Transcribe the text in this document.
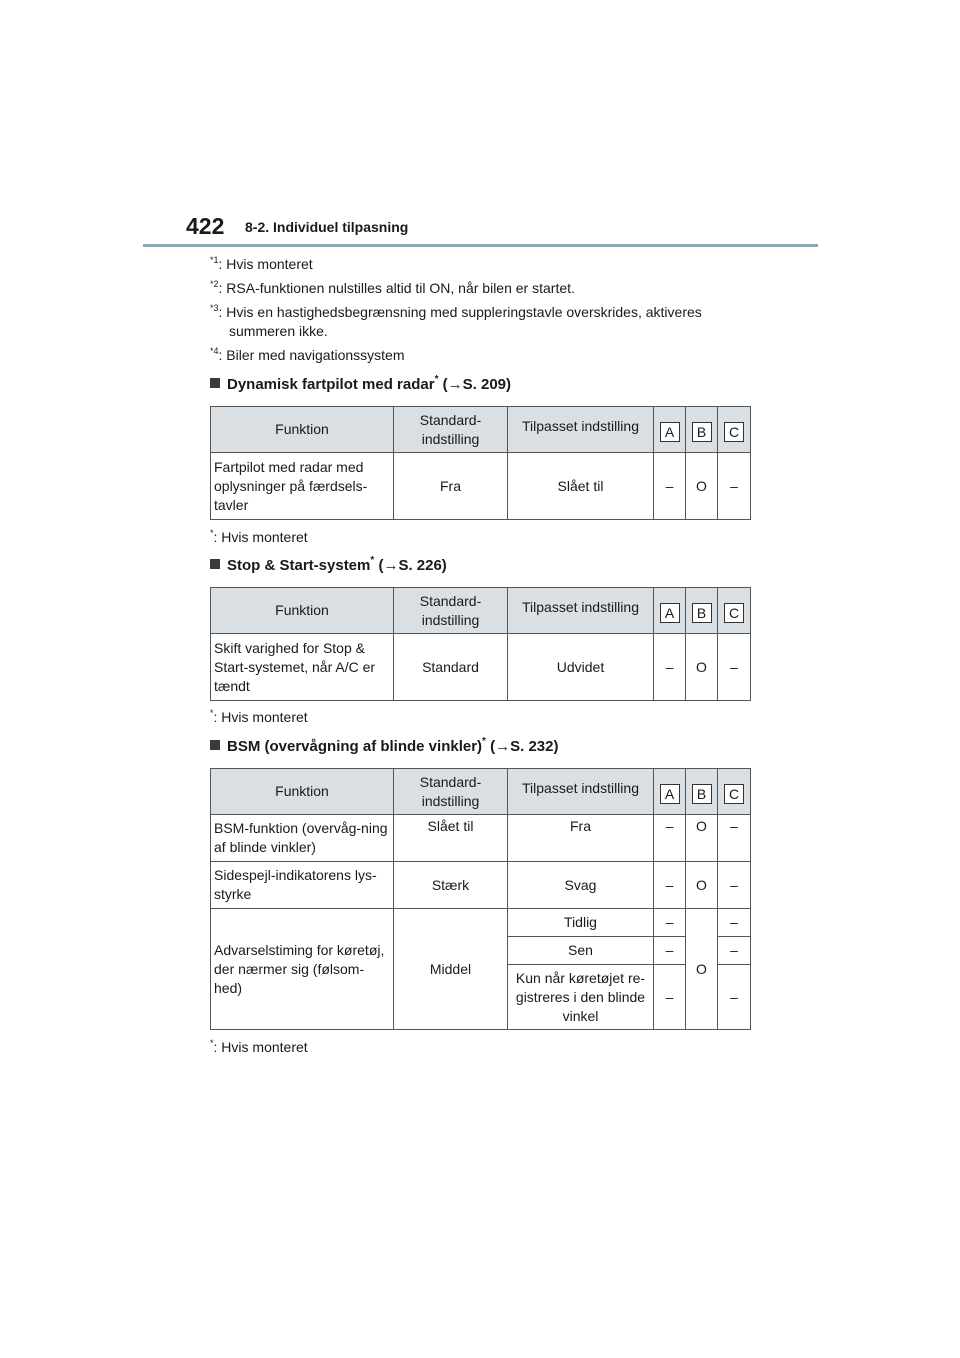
422 8-2. Individuel tilpasning
$^{*1}$: Hvis monteret
$^{*2}$: RSA-funktionen nulstilles altid til ON, når bilen er startet.
$^{*3}$: Hvis en hastighedsbegrænsning med suppleringstavle overskrides, aktiveres
summeren ikke.
$^{*4}$: Biler med navigationssystem
Dynamisk fartpilot med radar* (→S. 209)
Funktion	Standard-
indstilling	Tilpasset indstilling	A	B	C

Fartpilot med radar med oplysninger på færdsels-tavler	Fra	Slået til	–	O	–
*: Hvis monteret
Stop & Start-system* (→S. 226)
Funktion	Standard-
indstilling	Tilpasset indstilling	A	B	C

Skift varighed for Stop & Start-systemet, når A/C er tændt	Standard	Udvidet	–	O	–
*: Hvis monteret
BSM (overvågning af blinde vinkler)* (→S. 232)
Funktion	Standard-
indstilling	Tilpasset indstilling	A	B	C

BSM-funktion (overvåg-ning af blinde vinkler)	Slået til	Fra	–	O	–
Sidespejl-indikatorens lys-styrke	Stærk	Svag	–	O	–
Advarselstiming for køretøj, der nærmer sig (følsom-hed)	Middel	Tidlig	–	O	–
		Sen	–		–
		Kun når køretøjet re-gistreres i den blinde vinkel	–		–
*: Hvis monteret
